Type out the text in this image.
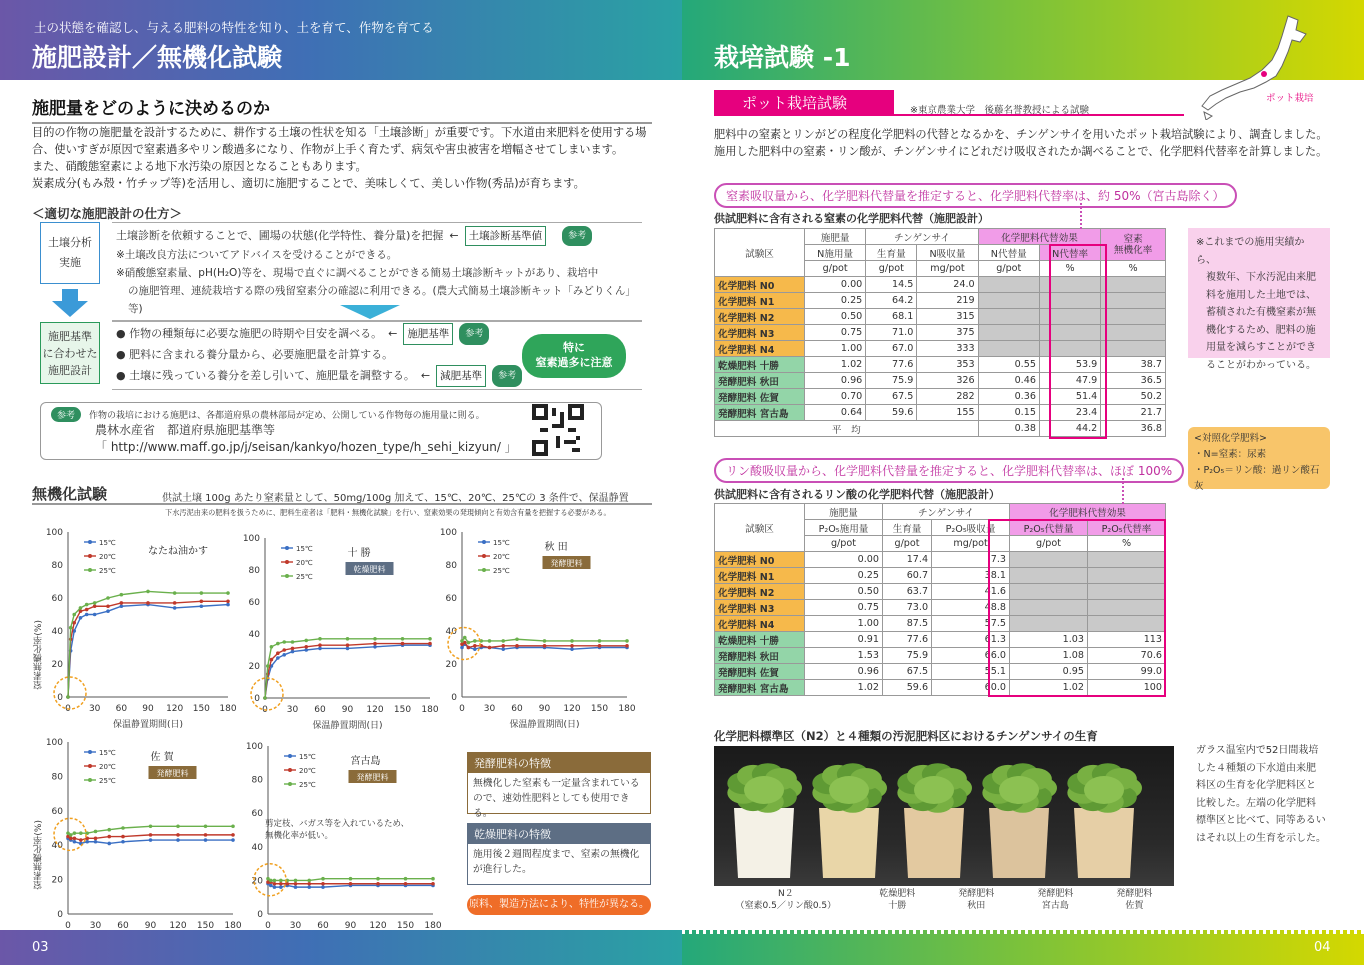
土の状態を確認し、与える肥料の特性を知り、土を育て、作物を育てる
施肥設計／無機化試験
施肥量をどのように決めるのか
目的の作物の施肥量を設計するために、耕作する土壌の性状を知る「土壌診断」が重要です。下水道由来肥料を使用する場
合、使いすぎが原因で窒素過多やリン酸過多になり、作物が上手く育たず、病気や害虫被害を増幅させてしまいます。
また、硝酸態窒素による地下水汚染の原因となることもあります。
炭素成分(もみ殻・竹チップ等)を活用し、適切に施肥することで、美味しくて、美しい作物(秀品)が育ちます。
＜適切な施肥設計の仕方＞
土壌分析
実施
土壌診断を依頼することで、圃場の状態(化学特性、養分量)を把握 ← 土壌診断基準値	参考
※土壌改良方法についてアドバイスを受けることができる。
※硝酸態窒素量、pH(H₂O)等を、現場で直ぐに調べることができる簡易土壌診断キットがあり、栽培中
の施肥管理、連続栽培する際の残留窒素分の確認に利用できる。(農大式簡易土壌診断キット「みどりくん」等)
施肥基準
に合わせた
施肥設計
● 作物の種類毎に必要な施肥の時期や目安を調べる。 ← 施肥基準	参考
● 肥料に含まれる養分量から、必要施肥量を計算する。
● 土壌に残っている養分を差し引いて、施肥量を調整する。 ← 減肥基準	参考
特に
窒素過多に注意
参考	作物の栽培における施肥は、各都道府県の農林部局が定め、公開している作物毎の施用量に則る。
農林水産省　都道府県施肥基準等
「 http://www.maff.go.jp/j/seisan/kankyo/hozen_type/h_sehi_kizyun/ 」
無機化試験	供試土壌 100g あたり窒素量として、50mg/100g 加えて、15℃、20℃、25℃の 3 条件で、保温静置
下水汚泥由来の肥料を扱うために、肥料生産者は「肥料・無機化試験」を行い、窒素効果の発現傾向と有効含有量を把握する必要がある。
0
20
40
60
80
100
0 30 60 90 120 150 180
保温静置期間(日)
15℃
20℃
25℃
なたね油かす
0
20
40
60
80
100
0 30 60 90 120 150 180
保温静置期間(日)
15℃
20℃
25℃
十 勝
乾燥肥料
0
20
40
60
80
100
0 30 60 90 120 150 180
保温静置期間(日)
15℃
20℃
25℃
秋 田
発酵肥料
0
20
40
60
80
100
0 30 60 90 120 150 180
15℃
20℃
25℃
佐 賀
発酵肥料
0
20
40
60
80
100
0 30 60 90 120 150 180
15℃
20℃
25℃
宮古島
発酵肥料
窒素無機化率(%)
窒素無機化率(%)	剪定枝、バガス等を入れているため、
無機化率が低い。
発酵肥料の特徴
無機化した窒素も一定量含まれている
ので、速効性肥料としても使用できる。
乾燥肥料の特徴
施用後２週間程度まで、窒素の無機化
が進行した。
原料、製造方法により、特性が異なる。
03
栽培試験 -1
ポット栽培
ポット栽培試験	※東京農業大学　後藤名誉教授による試験
肥料中の窒素とリンがどの程度化学肥料の代替となるかを、チンゲンサイを用いたポット栽培試験により、調査しました。
施用した肥料中の窒素・リン酸が、チンゲンサイにどれだけ吸収されたか調べることで、化学肥料代替率を計算しました。
窒素吸収量から、化学肥料代替量を推定すると、化学肥料代替率は、約 50%（宮古島除く）
供試肥料に含有される窒素の化学肥料代替（施肥設計）
試験区	施肥量	チンゲンサイ		化学肥料代替効果		窒素
無機化率

	N施用量	生育量	N吸収量	N代替量	N代替率	
	g/pot	g/pot	mg/pot	g/pot	%	%
化学肥料 N0	0.00	14.5	24.0			
化学肥料 N1	0.25	64.2	219			
化学肥料 N2	0.50	68.1	315			
化学肥料 N3	0.75	71.0	375			
化学肥料 N4	1.00	67.0	333			
乾燥肥料 十勝	1.02	77.6	353	0.55	53.9	38.7
発酵肥料 秋田	0.96	75.9	326	0.46	47.9	36.5
発酵肥料 佐賀	0.70	67.5	282	0.36	51.4	50.2
発酵肥料 宮古島	0.64	59.6	155	0.15	23.4	21.7
平　均				0.38	44.2	36.8
※これまでの施用実績から、
複数年、下水汚泥由来肥
料を施用した土地では、
蓄積された有機窒素が無
機化するため、肥料の施
用量を減らすことができ
ることがわかっている。
<対照化学肥料>
・N=窒素：尿素
・P₂O₅＝リン酸：過リン酸石灰
リン酸吸収量から、化学肥料代替量を推定すると、化学肥料代替率は、ほぼ 100%
供試肥料に含有されるリン酸の化学肥料代替（施肥設計）
試験区	施肥量	チンゲンサイ		化学肥料代替効果	
	P₂O₅施用量	生育量	P₂O₅吸収量	P₂O₅代替量	P₂O₅代替率
	g/pot	g/pot	mg/pot	g/pot	%
化学肥料 N0	0.00	17.4	7.3		
化学肥料 N1	0.25	60.7	38.1		
化学肥料 N2	0.50	63.7	41.6		
化学肥料 N3	0.75	73.0	48.8		
化学肥料 N4	1.00	87.5	57.5		
乾燥肥料 十勝	0.91	77.6	61.3	1.03	113
発酵肥料 秋田	1.53	75.9	66.0	1.08	70.6
発酵肥料 佐賀	0.96	67.5	55.1	0.95	99.0
発酵肥料 宮古島	1.02	59.6	60.0	1.02	100
化学肥料標準区（N2）と４種類の汚泥肥料区におけるチンゲンサイの生育
N２
（窒素0.5／リン酸0.5）
乾燥肥料
十勝
発酵肥料
秋田
発酵肥料
宮古島
発酵肥料
佐賀
ガラス温室内で52日間栽培
した４種類の下水道由来肥
料区の生育を化学肥料区と
比較した。左端の化学肥料
標準区と比べて、同等あるい
はそれ以上の生育を示した。
04
